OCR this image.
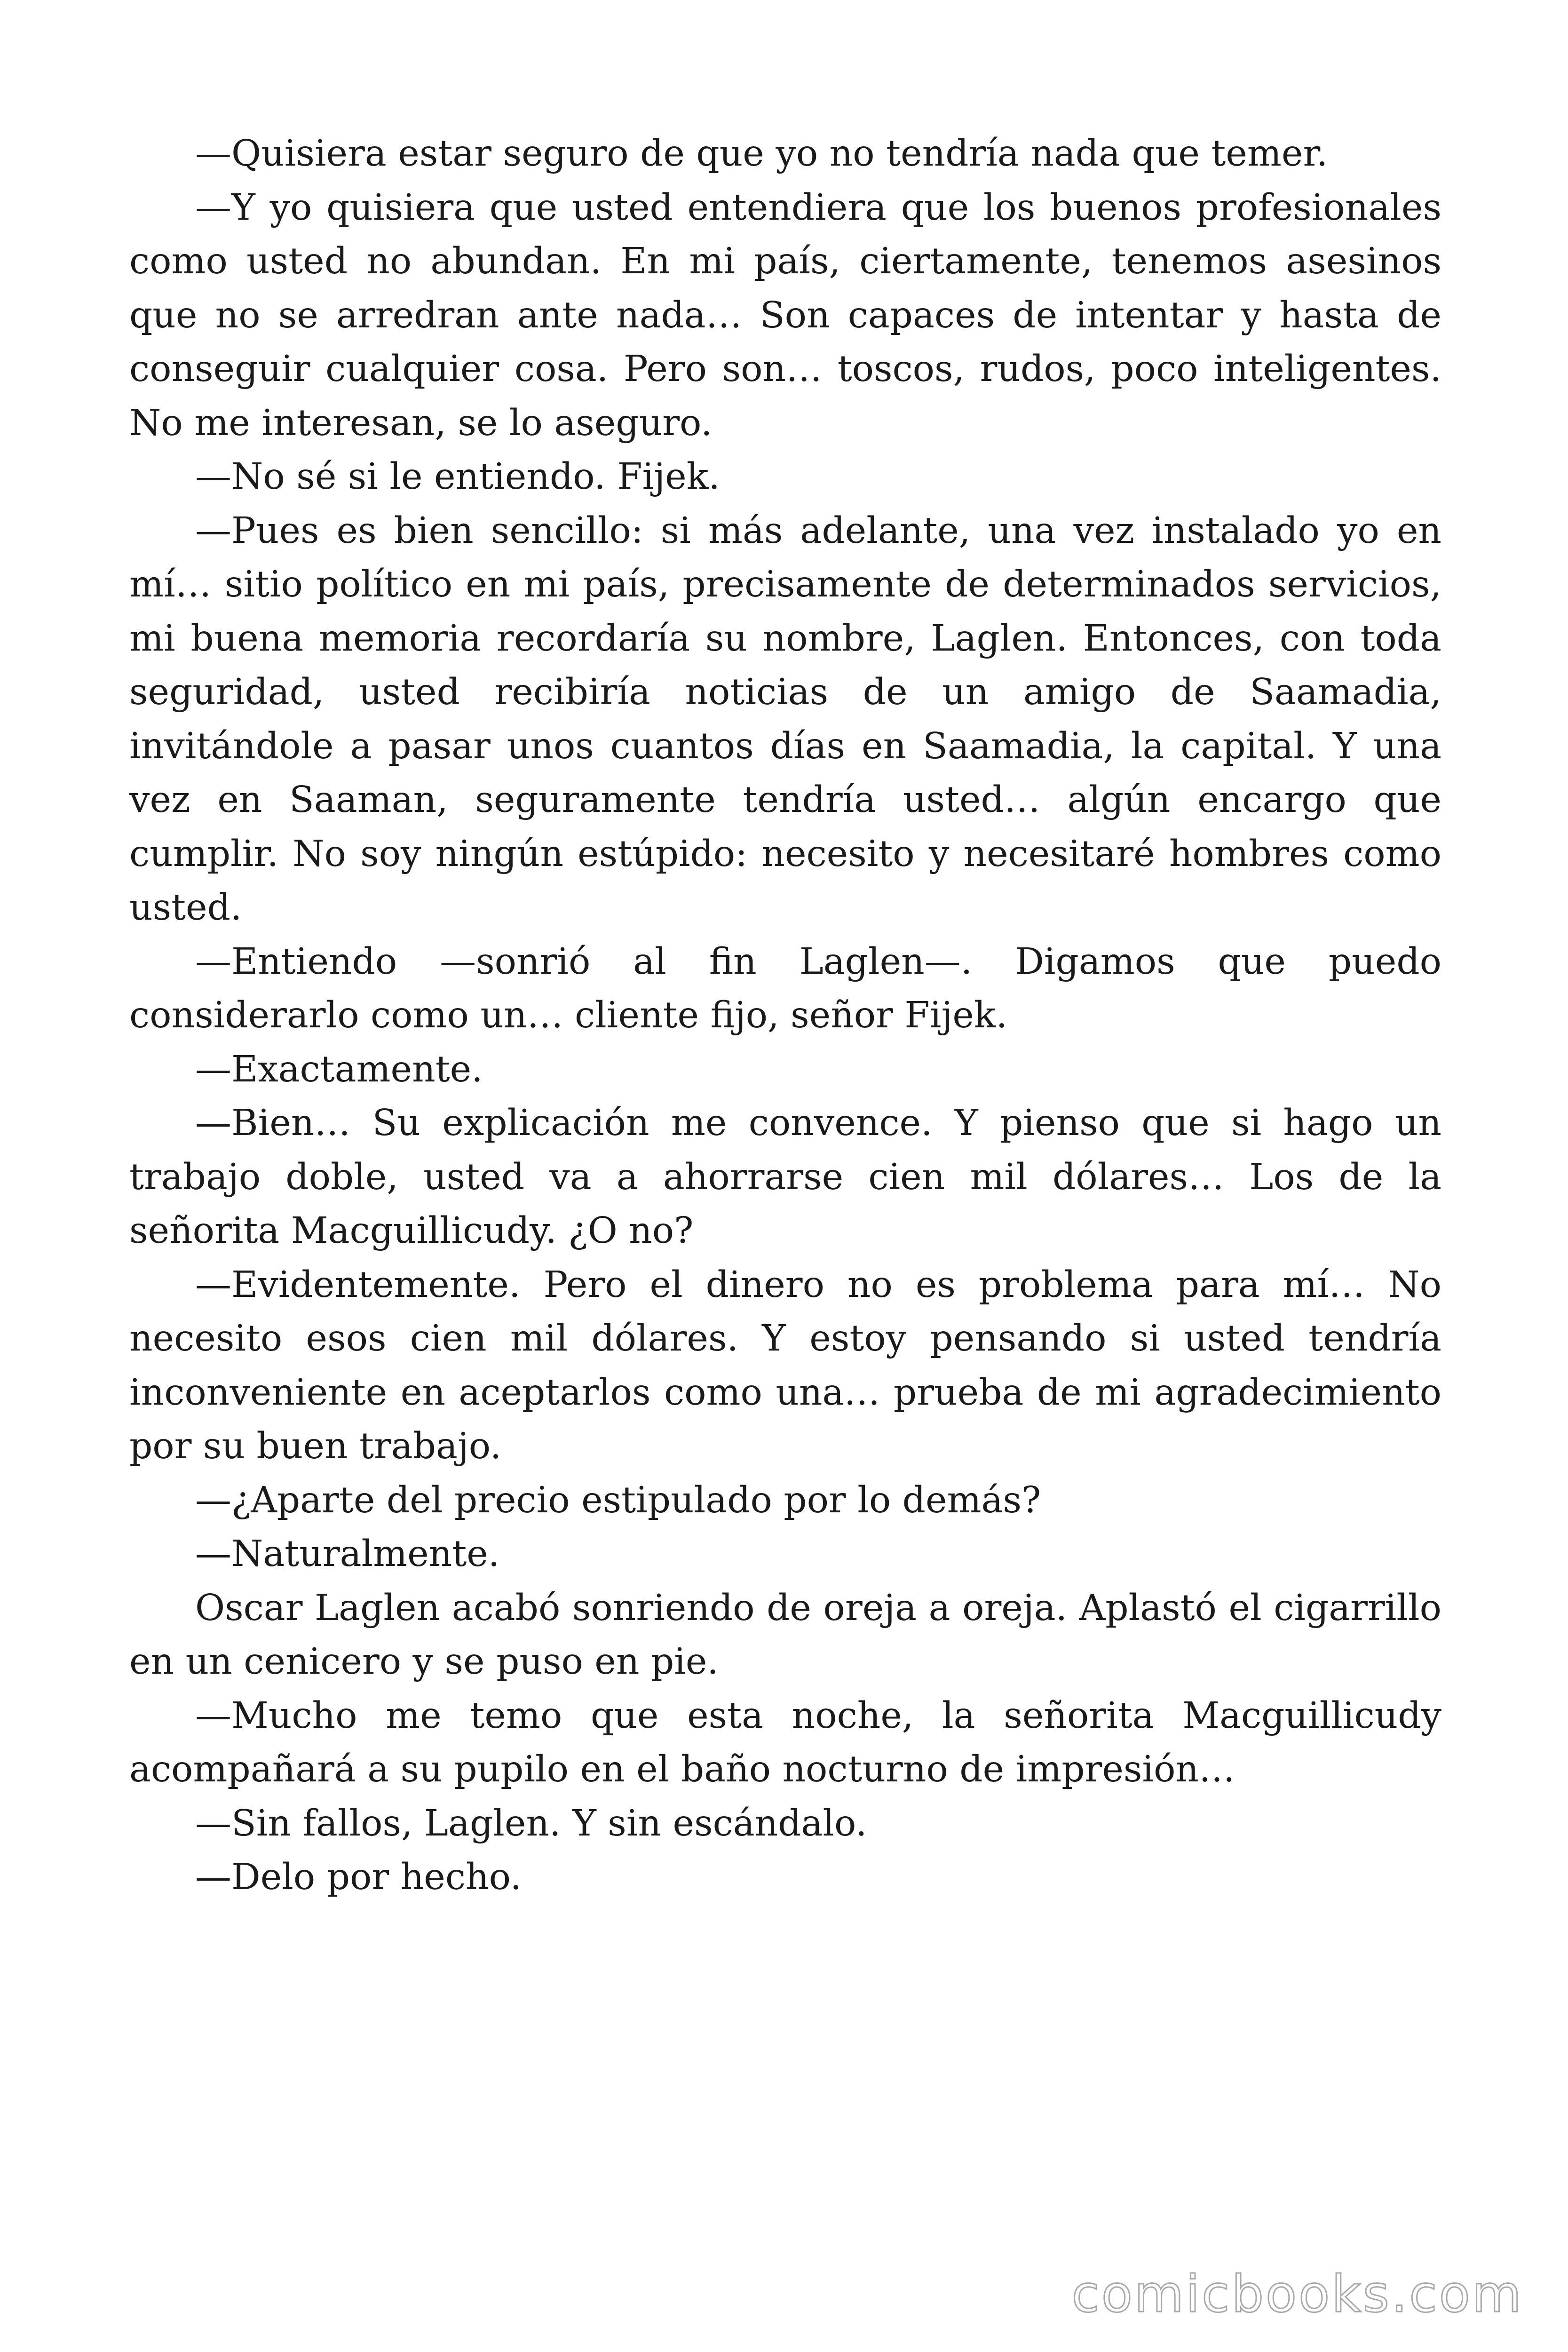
—Quisiera estar seguro de que yo no tendría nada que temer.

—Y yo quisiera que usted entendiera que los buenos profesionales como usted no abundan. En mi país, ciertamente, tenemos asesinos que no se arredran ante nada… Son capaces de intentar y hasta de conseguir cualquier cosa. Pero son… toscos, rudos, poco inteligentes. No me interesan, se lo aseguro.

—No sé si le entiendo. Fijek.

—Pues es bien sencillo: si más adelante, una vez instalado yo en mí… sitio político en mi país, precisamente de determinados servicios, mi buena memoria recordaría su nombre, Laglen. Entonces, con toda seguridad, usted recibiría noticias de un amigo de Saamadia, invitándole a pasar unos cuantos días en Saamadia, la capital. Y una vez en Saaman, seguramente tendría usted… algún encargo que cumplir. No soy ningún estúpido: necesito y necesitaré hombres como usted.

—Entiendo —sonrió al fin Laglen—. Digamos que puedo considerarlo como un… cliente fijo, señor Fijek.

—Exactamente.

—Bien… Su explicación me convence. Y pienso que si hago un trabajo doble, usted va a ahorrarse cien mil dólares… Los de la señorita Macguillicudy. ¿O no?

—Evidentemente. Pero el dinero no es problema para mí… No necesito esos cien mil dólares. Y estoy pensando si usted tendría inconveniente en aceptarlos como una… prueba de mi agradecimiento por su buen trabajo.

—¿Aparte del precio estipulado por lo demás?

—Naturalmente.

Oscar Laglen acabó sonriendo de oreja a oreja. Aplastó el cigarrillo en un cenicero y se puso en pie.

—Mucho me temo que esta noche, la señorita Macguillicudy acompañará a su pupilo en el baño nocturno de impresión…

—Sin fallos, Laglen. Y sin escándalo.

—Delo por hecho.

comicbooks.com
